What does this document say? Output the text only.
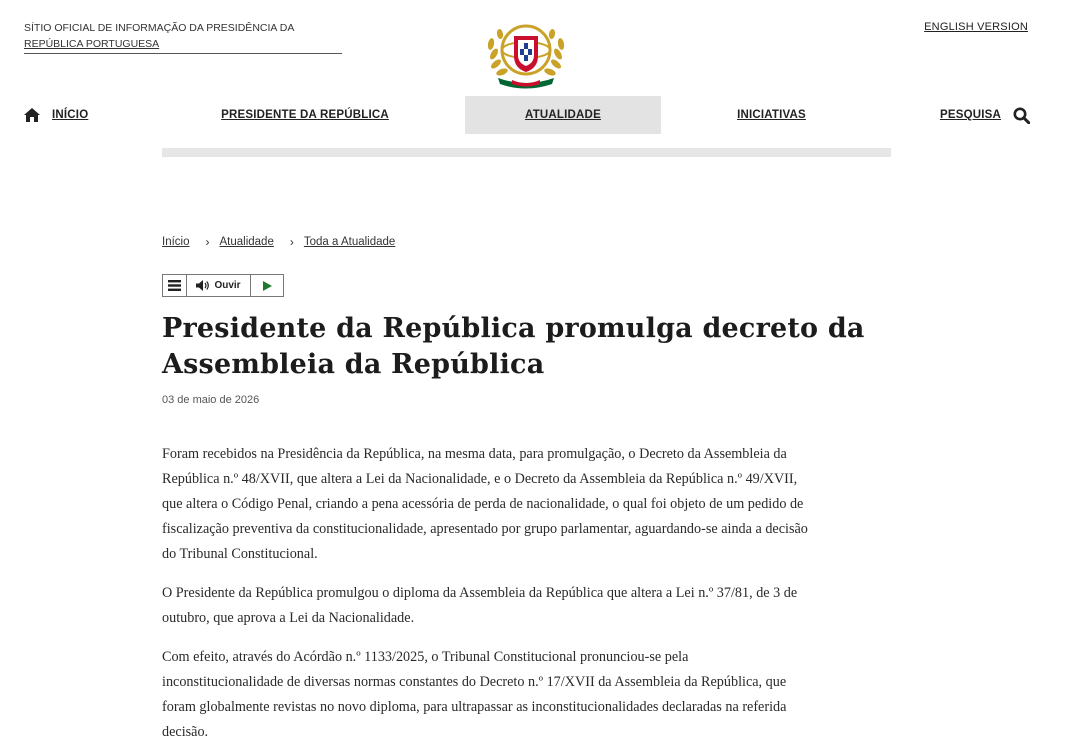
SÍTIO OFICIAL DE INFORMAÇÃO DA PRESIDÊNCIA DA
REPÚBLICA PORTUGUESA
ENGLISH VERSION
INÍCIO	PRESIDENTE DA REPÚBLICA	ATUALIDADE	INICIATIVAS	PESQUISA
Início › Atualidade › Toda a Atualidade
Ouvir
Presidente da República promulga decreto da Assembleia da República
03 de maio de 2026

Foram recebidos na Presidência da República, na mesma data, para promulgação, o Decreto da Assembleia da República n.º 48/XVII, que altera a Lei da Nacionalidade, e o Decreto da Assembleia da República n.º 49/XVII, que altera o Código Penal, criando a pena acessória de perda de nacionalidade, o qual foi objeto de um pedido de fiscalização preventiva da constitucionalidade, apresentado por grupo parlamentar, aguardando-se ainda a decisão do Tribunal Constitucional.

O Presidente da República promulgou o diploma da Assembleia da República que altera a Lei n.º 37/81, de 3 de outubro, que aprova a Lei da Nacionalidade.

Com efeito, através do Acórdão n.º 1133/2025, o Tribunal Constitucional pronunciou-se pela inconstitucionalidade de diversas normas constantes do Decreto n.º 17/XVII da Assembleia da República, que foram globalmente revistas no novo diploma, para ultrapassar as inconstitucionalidades declaradas na referida decisão.
